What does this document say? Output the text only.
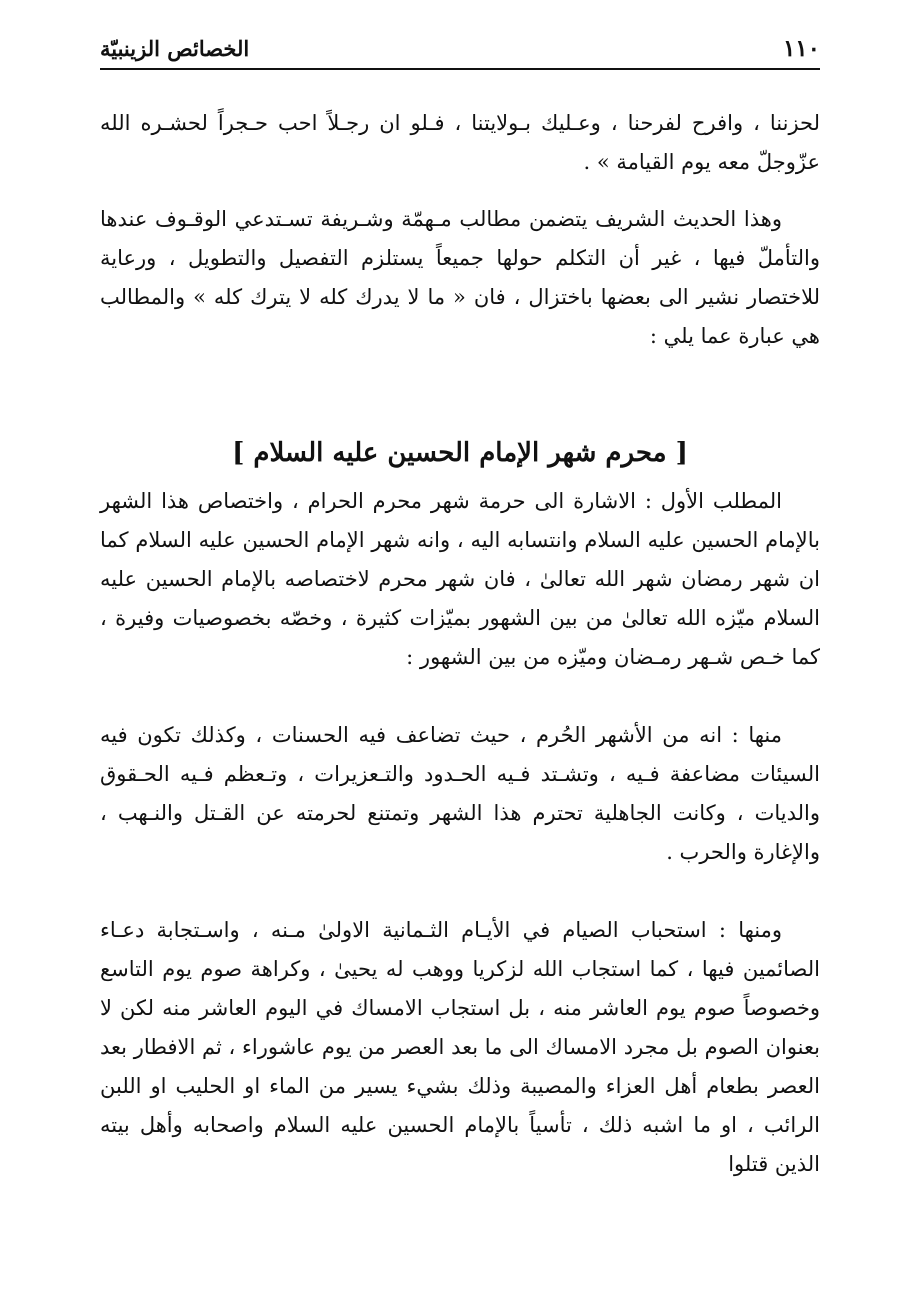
١١٠
الخصائص الزينبيّة

لحزننا ، وافرح لفرحنا ، وعـليك بـولايتنا ، فـلو ان رجـلاً احب حـجراً لحشـره الله عزّوجلّ معه يوم القيامة » .

وهذا الحديث الشريف يتضمن مطالب مـهمّة وشـريفة تسـتدعي الوقـوف عندها والتأملّ فيها ، غير أن التكلم حولها جميعاً يستلزم التفصيل والتطويل ، ورعاية للاختصار نشير الى بعضها باختزال ، فان « ما لا يدرك كله لا يترك كله » والمطالب هي عبارة عما يلي :

[ محرم شهر الإمام الحسين عليه السلام ]

المطلب الأول : الاشارة الى حرمة شهر محرم الحرام ، واختصاص هذا الشهر بالإمام الحسين عليه السلام وانتسابه اليه ، وانه شهر الإمام الحسين عليه السلام كما ان شهر رمضان شهر الله تعالىٰ ، فان شهر محرم لاختصاصه بالإمام الحسين عليه السلام ميّزه الله تعالىٰ من بين الشهور بميّزات كثيرة ، وخصّه بخصوصيات وفيرة ، كما خـص شـهر رمـضان وميّزه من بين الشهور :

منها : انه من الأشهر الحُرم ، حيث تضاعف فيه الحسنات ، وكذلك تكون فيه السيئات مضاعفة فـيه ، وتشـتد فـيه الحـدود والتـعزيرات ، وتـعظم فـيه الحـقوق والديات ، وكانت الجاهلية تحترم هذا الشهر وتمتنع لحرمته عن القـتل والنـهب ، والإغارة والحرب .

ومنها : استحباب الصيام في الأيـام الثـمانية الاولىٰ مـنه ، واسـتجابة دعـاء الصائمين فيها ، كما استجاب الله لزكريا ووهب له يحيىٰ ، وكراهة صوم يوم التاسع وخصوصاً صوم يوم العاشر منه ، بل استجاب الامساك في اليوم العاشر منه لكن لا بعنوان الصوم بل مجرد الامساك الى ما بعد العصر من يوم عاشوراء ، ثم الافطار بعد العصر بطعام أهل العزاء والمصيبة وذلك بشيء يسير من الماء او الحليب او اللبن الرائب ، او ما اشبه ذلك ، تأسياً بالإمام الحسين عليه السلام واصحابه وأهل بيته الذين قتلوا
